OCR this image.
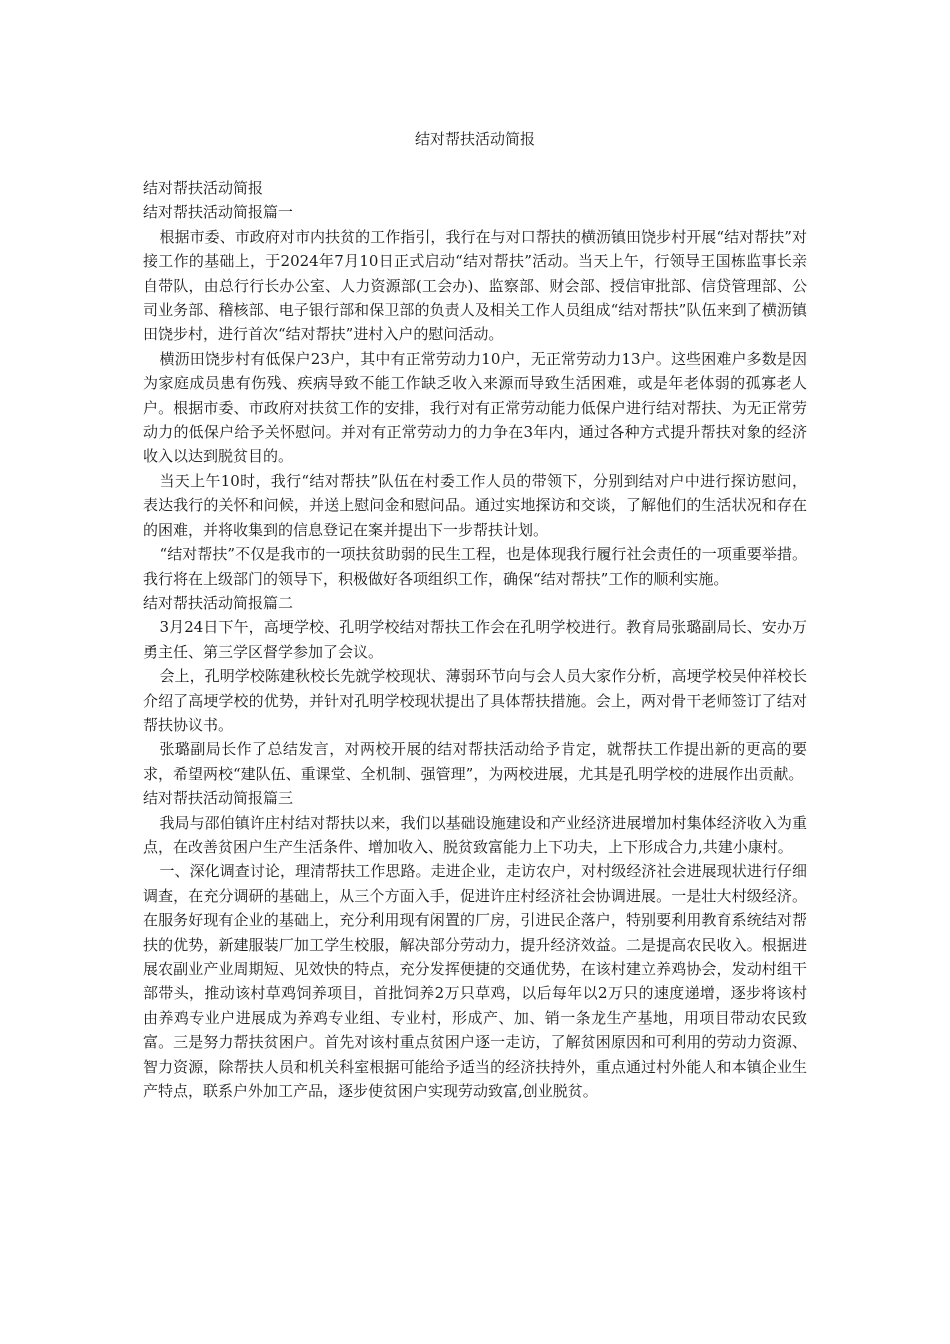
结对帮扶活动简报

结对帮扶活动简报

结对帮扶活动简报篇一

根据市委、市政府对市内扶贫的工作指引，我行在与对口帮扶的横沥镇田饶步村开展“结对帮扶”对接工作的基础上，于2024年7月10日正式启动“结对帮扶”活动。当天上午，行领导王国栋监事长亲自带队，由总行行长办公室、人力资源部(工会办)、监察部、财会部、授信审批部、信贷管理部、公司业务部、稽核部、电子银行部和保卫部的负责人及相关工作人员组成“结对帮扶”队伍来到了横沥镇田饶步村，进行首次“结对帮扶”进村入户的慰问活动。

横沥田饶步村有低保户23户，其中有正常劳动力10户，无正常劳动力13户。这些困难户多数是因为家庭成员患有伤残、疾病导致不能工作缺乏收入来源而导致生活困难，或是年老体弱的孤寡老人户。根据市委、市政府对扶贫工作的安排，我行对有正常劳动能力低保户进行结对帮扶、为无正常劳动力的低保户给予关怀慰问。并对有正常劳动力的力争在3年内，通过各种方式提升帮扶对象的经济收入以达到脱贫目的。

当天上午10时，我行“结对帮扶”队伍在村委工作人员的带领下，分别到结对户中进行探访慰问，表达我行的关怀和问候，并送上慰问金和慰问品。通过实地探访和交谈，了解他们的生活状况和存在的困难，并将收集到的信息登记在案并提出下一步帮扶计划。

“结对帮扶”不仅是我市的一项扶贫助弱的民生工程，也是体现我行履行社会责任的一项重要举措。我行将在上级部门的领导下，积极做好各项组织工作，确保“结对帮扶”工作的顺利实施。

结对帮扶活动简报篇二

3月24日下午，高埂学校、孔明学校结对帮扶工作会在孔明学校进行。教育局张璐副局长、安办万勇主任、第三学区督学参加了会议。

会上，孔明学校陈建秋校长先就学校现状、薄弱环节向与会人员大家作分析，高埂学校吴仲祥校长介绍了高埂学校的优势，并针对孔明学校现状提出了具体帮扶措施。会上，两对骨干老师签订了结对帮扶协议书。

张璐副局长作了总结发言，对两校开展的结对帮扶活动给予肯定，就帮扶工作提出新的更高的要求，希望两校“建队伍、重课堂、全机制、强管理”，为两校进展，尤其是孔明学校的进展作出贡献。

结对帮扶活动简报篇三

我局与邵伯镇许庄村结对帮扶以来，我们以基础设施建设和产业经济进展增加村集体经济收入为重点，在改善贫困户生产生活条件、增加收入、脱贫致富能力上下功夫，上下形成合力,共建小康村。

一、深化调查讨论，理清帮扶工作思路。走进企业，走访农户，对村级经济社会进展现状进行仔细调查，在充分调研的基础上，从三个方面入手，促进许庄村经济社会协调进展。一是壮大村级经济。在服务好现有企业的基础上，充分利用现有闲置的厂房，引进民企落户，特别要利用教育系统结对帮扶的优势，新建服装厂加工学生校服，解决部分劳动力，提升经济效益。二是提高农民收入。根据进展农副业产业周期短、见效快的特点，充分发挥便捷的交通优势，在该村建立养鸡协会，发动村组干部带头，推动该村草鸡饲养项目，首批饲养2万只草鸡，以后每年以2万只的速度递增，逐步将该村由养鸡专业户进展成为养鸡专业组、专业村，形成产、加、销一条龙生产基地，用项目带动农民致富。三是努力帮扶贫困户。首先对该村重点贫困户逐一走访，了解贫困原因和可利用的劳动力资源、智力资源，除帮扶人员和机关科室根据可能给予适当的经济扶持外，重点通过村外能人和本镇企业生产特点，联系户外加工产品，逐步使贫困户实现劳动致富,创业脱贫。
